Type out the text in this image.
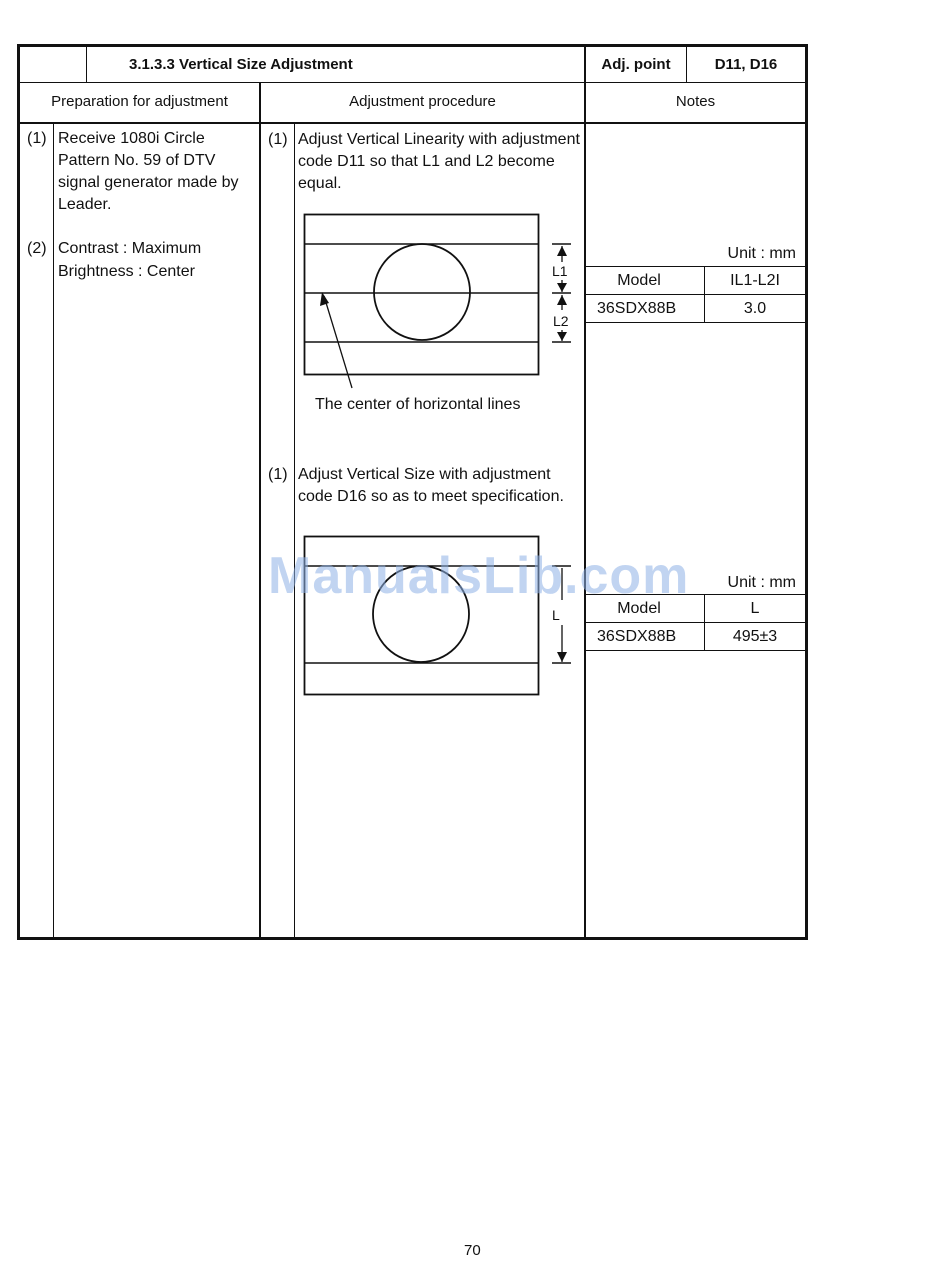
3.1.3.3 Vertical Size Adjustment	Adj. point	D11, D16
Preparation for adjustment	Adjustment procedure	Notes
(1) Receive 1080i Circle
Pattern No. 59 of DTV
signal generator made by
Leader.
(2) Contrast : Maximum
Brightness : Center
(1) Adjust Vertical Linearity with adjustment
code D11 so that L1 and L2 become
equal.
L1
L2
The center of horizontal lines
(1) Adjust Vertical Size with adjustment
code D16 so as to meet specification.
L
Unit : mm
Model	IL1-L2I
36SDX88B	3.0
Unit : mm
Model	L
36SDX88B	495±3
ManualsLib.com
70
